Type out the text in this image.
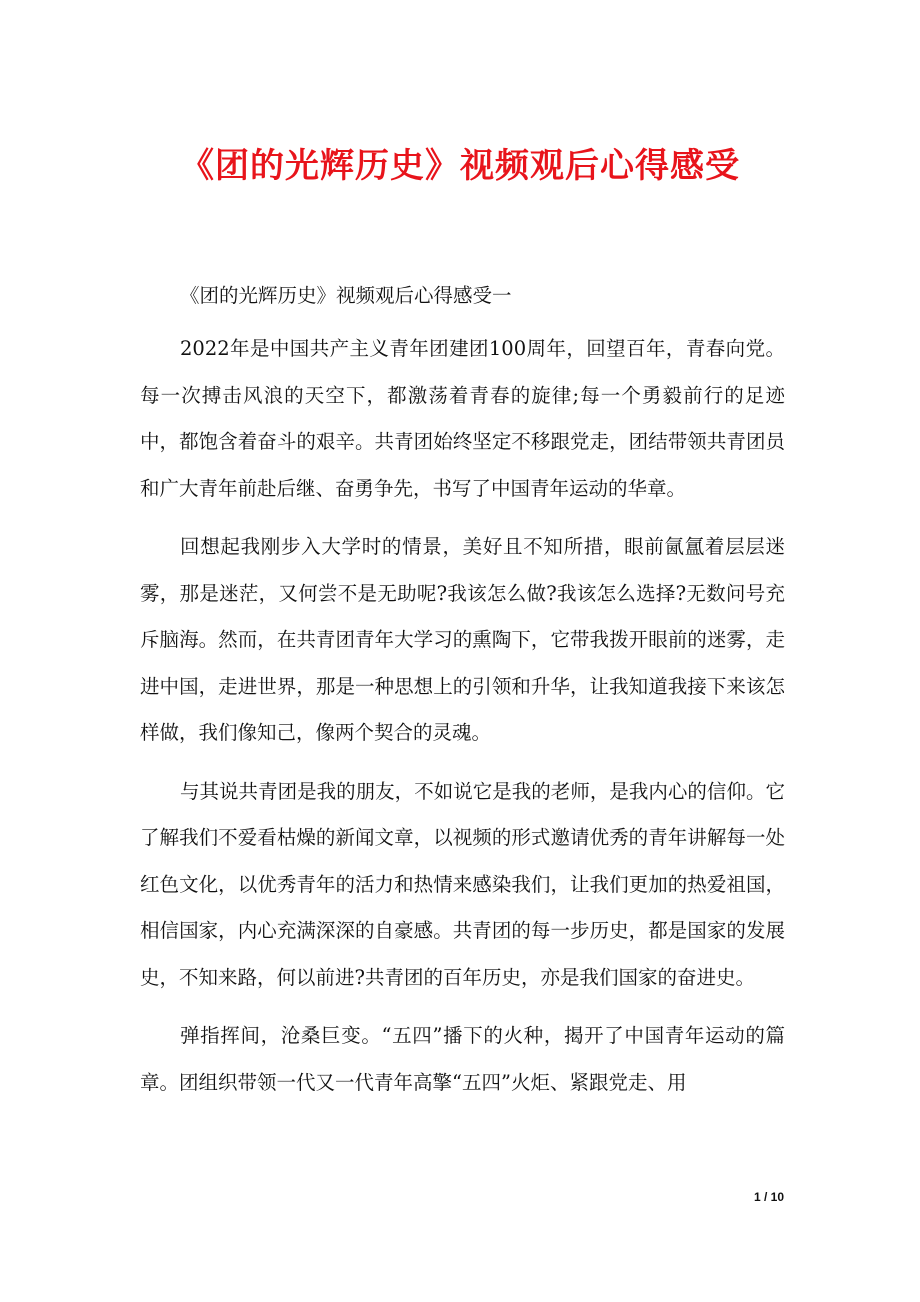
《团的光辉历史》视频观后心得感受
《团的光辉历史》视频观后心得感受一

2022年是中国共产主义青年团建团100周年，回望百年，青春向党。每一次搏击风浪的天空下，都激荡着青春的旋律;每一个勇毅前行的足迹中，都饱含着奋斗的艰辛。共青团始终坚定不移跟党走，团结带领共青团员和广大青年前赴后继、奋勇争先，书写了中国青年运动的华章。

回想起我刚步入大学时的情景，美好且不知所措，眼前氤氲着层层迷雾，那是迷茫，又何尝不是无助呢?我该怎么做?我该怎么选择?无数问号充斥脑海。然而，在共青团青年大学习的熏陶下，它带我拨开眼前的迷雾，走进中国，走进世界，那是一种思想上的引领和升华，让我知道我接下来该怎样做，我们像知己，像两个契合的灵魂。

与其说共青团是我的朋友，不如说它是我的老师，是我内心的信仰。它了解我们不爱看枯燥的新闻文章，以视频的形式邀请优秀的青年讲解每一处红色文化，以优秀青年的活力和热情来感染我们，让我们更加的热爱祖国，相信国家，内心充满深深的自豪感。共青团的每一步历史，都是国家的发展史，不知来路，何以前进?共青团的百年历史，亦是我们国家的奋进史。

弹指挥间，沧桑巨变。“五四”播下的火种，揭开了中国青年运动的篇章。团组织带领一代又一代青年高擎“五四”火炬、紧跟党走、用

1 / 10
